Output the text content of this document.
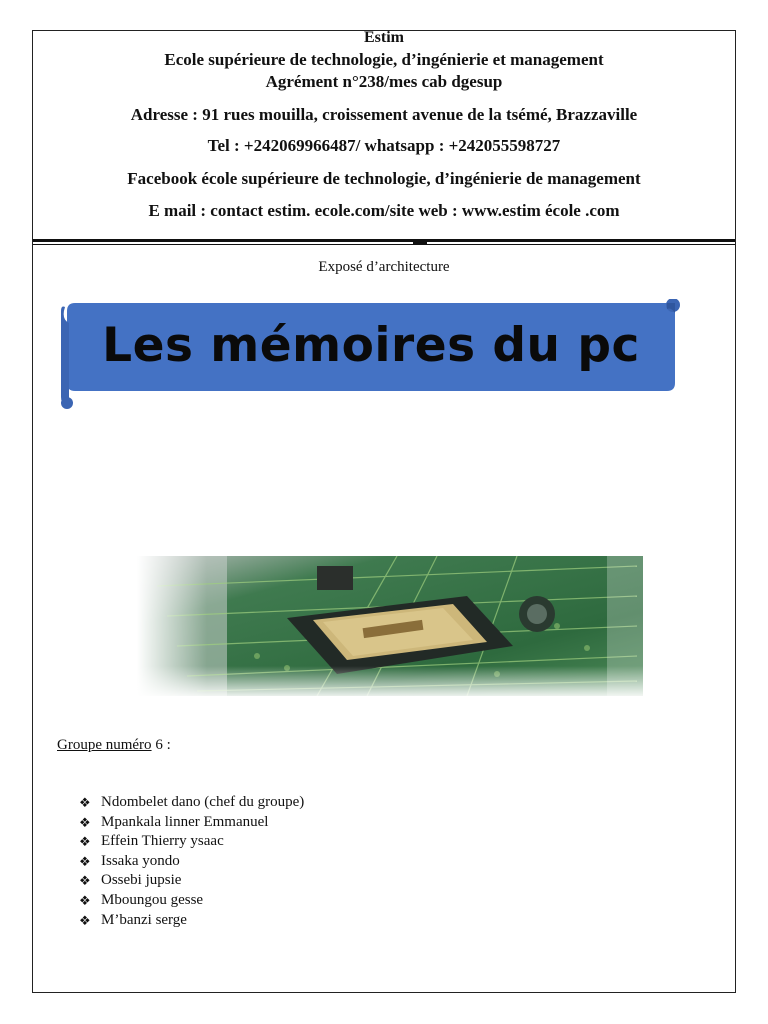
Estim
Ecole supérieure de technologie, d’ingénierie et management
Agrément n°238/mes cab dgesup
Adresse : 91 rues mouilla, croissement avenue de la tsémé, Brazzaville
Tel : +242069966487/ whatsapp : +242055598727
Facebook école supérieure de technologie, d’ingénierie de management
E mail : contact estim. ecole.com/site web : www.estim école .com
Exposé d’architecture
Les mémoires du pc
Groupe numéro 6 :
❖ Ndombelet dano (chef du groupe)
❖ Mpankala linner Emmanuel
❖ Effein Thierry ysaac
❖ Issaka yondo
❖ Ossebi jupsie
❖ Mboungou gesse
❖ M’banzi serge
